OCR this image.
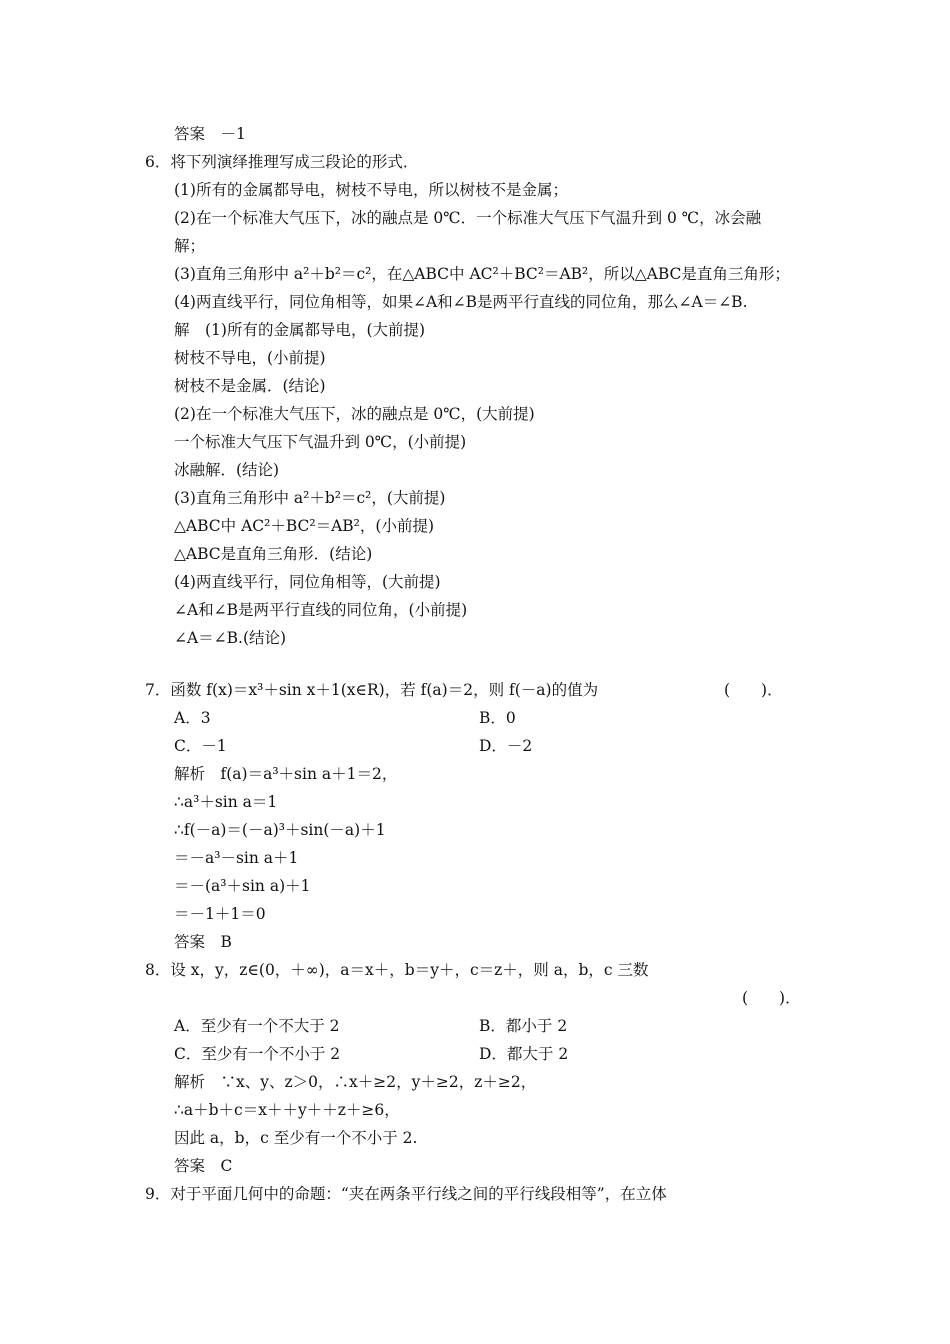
答案　－1
6．将下列演绎推理写成三段论的形式．
(1)所有的金属都导电，树枝不导电，所以树枝不是金属；
(2)在一个标准大气压下，冰的融点是 0℃．一个标准大气压下气温升到 0 ℃，冰会融
解；
(3)直角三角形中 a²＋b²＝c²，在△ABC中 AC²＋BC²＝AB²，所以△ABC是直角三角形；
(4)两直线平行，同位角相等，如果∠A和∠B是两平行直线的同位角，那么∠A＝∠B.
解　(1)所有的金属都导电，(大前提)
树枝不导电，(小前提)
树枝不是金属．(结论)
(2)在一个标准大气压下，冰的融点是 0℃，(大前提)
一个标准大气压下气温升到 0℃，(小前提)
冰融解．(结论)
(3)直角三角形中 a²＋b²＝c²，(大前提)
△ABC中 AC²＋BC²＝AB²，(小前提)
△ABC是直角三角形．(结论)
(4)两直线平行，同位角相等，(大前提)
∠A和∠B是两平行直线的同位角，(小前提)
∠A＝∠B.(结论)
7．函数 f(x)＝x³＋sin x＋1(x∈R)，若 f(a)＝2，则 f(－a)的值为
A．3
C．－1
解析　f(a)＝a³＋sin a＋1＝2，
∴a³＋sin a＝1
∴f(－a)＝(－a)³＋sin(－a)＋1
＝－a³－sin a＋1
＝－(a³＋sin a)＋1
＝－1＋1＝0
答案　B
8．设 x，y，z∈(0，＋∞)，a＝x＋，b＝y＋，c＝z＋，则 a，b，c 三数
A．至少有一个不大于 2
C．至少有一个不小于 2
解析　∵x、y、z＞0，∴x＋≥2，y＋≥2，z＋≥2，
∴a＋b＋c＝x＋＋y＋＋z＋≥6，
因此 a，b，c 至少有一个不小于 2.
答案　C
9．对于平面几何中的命题：“夹在两条平行线之间的平行线段相等”，在立体
(　　)．
B．0
D．－2
(　　)．
B．都小于 2
D．都大于 2
